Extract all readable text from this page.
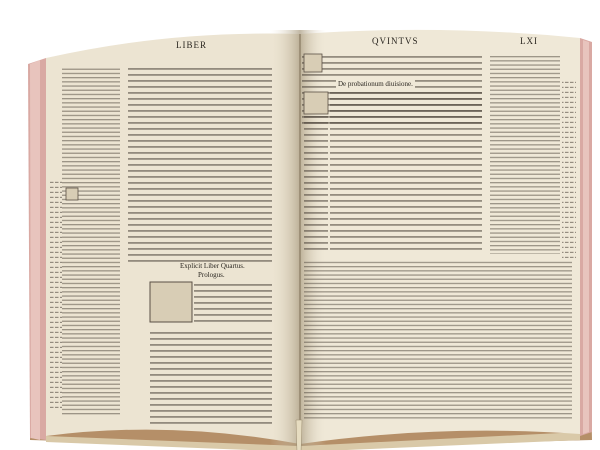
LIBER	QVINTVS	LXI
Explicit Liber Quartus.
Prologus.
De probationum diuisione.
